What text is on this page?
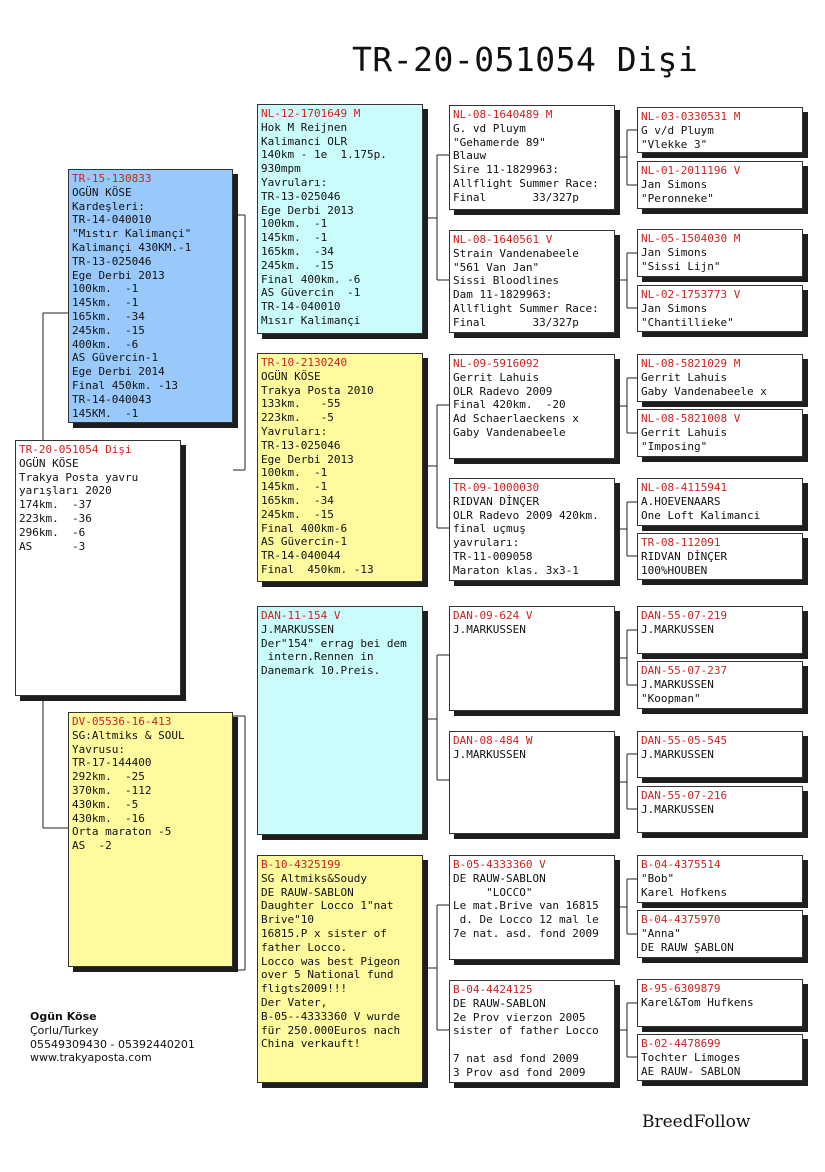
TR-20-051054 Dişi
TR-20-051054 Dişi
OGÜN KÖSE
Trakya Posta yavru
yarışları 2020
174km.  -37
223km.  -36
296km.  -6
AS      -3
TR-15-130833
OGÜN KÖSE
Kardeşleri:
TR-14-040010
"Mıstır Kalimançi"
Kalimançi 430KM.-1
TR-13-025046
Ege Derbi 2013
100km.  -1
145km.  -1
165km.  -34
245km.  -15
400km.  -6
AS Güvercin-1
Ege Derbi 2014
Final 450km. -13
TR-14-040043
145KM.  -1
DV-05536-16-413
SG:Altmiks & SOUL
Yavrusu:
TR-17-144400
292km.  -25
370km.  -112
430km.  -5
430km.  -16
Orta maraton -5
AS  -2
NL-12-1701649 M
Hok M Reijnen
Kalimanci OLR
140km - 1e  1.175p.
930mpm
Yavruları:
TR-13-025046
Ege Derbi 2013
100km.  -1
145km.  -1
165km.  -34
245km.  -15
Final 400km. -6
AS Güvercin  -1
TR-14-040010
Mısır Kalimançi
TR-10-2130240
OGÜN KÖSE
Trakya Posta 2010
133km.   -55
223km.   -5
Yavruları:
TR-13-025046
Ege Derbi 2013
100km.  -1
145km.  -1
165km.  -34
245km.  -15
Final 400km-6
AS Güvercin-1
TR-14-040044
Final  450km. -13
DAN-11-154 V
J.MARKUSSEN
Der"154" errag bei dem
intern.Rennen in
Danemark 10.Preis.
B-10-4325199
SG Altmiks&Soudy
DE RAUW-SABLON
Daughter Locco 1"nat
Brive"10
16815.P x sister of
father Locco.
Locco was best Pigeon
over 5 National fund
fligts2009!!!
Der Vater,
B-05--4333360 V wurde
für 250.000Euros nach
China verkauft!
NL-08-1640489 M
G. vd Pluym
"Gehamerde 89"
Blauw
Sire 11-1829963:
Allflight Summer Race:
Final       33/327p
NL-08-1640561 V
Strain Vandenabeele
"561 Van Jan"
Sissi Bloodlines
Dam 11-1829963:
Allflight Summer Race:
Final       33/327p
NL-09-5916092
Gerrit Lahuis
OLR Radevo 2009
Final 420km.  -20
Ad Schaerlaeckens x
Gaby Vandenabeele
TR-09-1000030
RIDVAN DİNÇER
OLR Radevo 2009 420km.
final uçmuş
yavruları:
TR-11-009058
Maraton klas. 3x3-1
DAN-09-624 V
J.MARKUSSEN
DAN-08-484 W
J.MARKUSSEN
B-05-4333360 V
DE RAUW-SABLON
"LOCCO"
Le mat.Brive van 16815
d. De Locco 12 mal le
7e nat. asd. fond 2009
B-04-4424125
DE RAUW-SABLON
2e Prov vierzon 2005
sister of father Locco
7 nat asd fond 2009
3 Prov asd fond 2009
NL-03-0330531 M
G v/d Pluym
"Vlekke 3"
NL-01-2011196 V
Jan Simons
"Peronneke"
NL-05-1504030 M
Jan Simons
"Sissi Lijn"
NL-02-1753773 V
Jan Simons
"Chantillieke"
NL-08-5821029 M
Gerrit Lahuis
Gaby Vandenabeele x
NL-08-5821008 V
Gerrit Lahuis
"Imposing"
NL-08-4115941
A.HOEVENAARS
One Loft Kalimanci
TR-08-112091
RIDVAN DİNÇER
100%HOUBEN
DAN-55-07-219
J.MARKUSSEN
DAN-55-07-237
J.MARKUSSEN
"Koopman"
DAN-55-05-545
J.MARKUSSEN
DAN-55-07-216
J.MARKUSSEN
B-04-4375514
"Bob"
Karel Hofkens
B-04-4375970
"Anna"
DE RAUW ŞABLON
B-95-6309879
Karel&Tom Hufkens
B-02-4478699
Tochter Limoges
AE RAUW- SABLON
Ogün Köse
Çorlu/Turkey
05549309430 - 05392440201
www.trakyaposta.com
BreedFollow
